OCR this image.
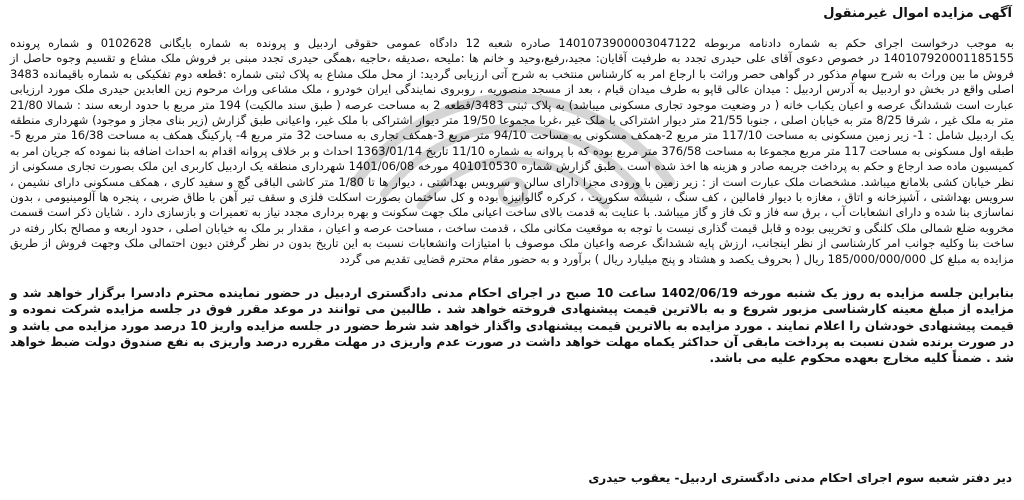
آگهی مزایده اموال غیرمنقول

به موجب درخواست اجرای حکم به شماره دادنامه مربوطه 1401073900003047122 صادره شعبه 12 دادگاه عمومی حقوقی اردبیل و پرونده به شماره بایگانی 0102628 و شماره پرونده 140107920001185155 در خصوص دعوی آقای علی حیدری تجدد به طرفیت آقایان: مجید،رفیع،وحید و خانم ها :ملیحه ،صدیقه ،حاجیه ،همگی حیدری تجدد مبنی بر فروش ملک مشاع و تقسیم وجوه حاصل از فروش ما بین وراث به شرح سهام مذکور در گواهی حصر وراثت با ارجاع امر به کارشناس منتخب به شرح آتی ارزیابی گردید: از محل ملک مشاع به پلاک ثبتی شماره :قطعه دوم تفکیکی به شماره باقیمانده 3483 اصلی واقع در بخش دو اردبیل به آدرس اردبیل : میدان عالی قاپو به طرف میدان قیام ، بعد از مسجد منصوریه ، روبروی نمایندگی ایران خودرو ، ملک مشاعی وراث مرحوم زین العابدین حیدری ملک مورد ارزیابی عبارت است ششدانگ عرصه و اعیان یکباب خانه ( در وضعیت موجود تجاری مسکونی میباشد) به پلاک ثبتی 3483/قطعه 2 به مساحت عرصه ( طبق سند مالکیت) 194 متر مربع با حدود اربعه سند : شمالا 21/80 متر به ملک غیر ، شرقا 8/25 متر به خیابان اصلی ، جنوبا 21/55 متر دیوار اشتراکی با ملک غیر ،غربا مجموعا 19/50 متر دیوار اشتراکی با ملک غیر، واعیانی طبق گزارش (زیر بنای مجاز و موجود) شهرداری منطقه یک اردبیل شامل : 1- زیر زمین مسکونی به مساحت 117/10 متر مربع 2-همکف مسکونی به مساحت 94/10 متر مربع 3-همکف تجاری به مساحت 32 متر مربع 4- پارکینگ همکف به مساحت 16/38 متر مربع 5-طبقه اول مسکونی به مساحت 117 متر مربع مجموعا به مساحت 376/58 متر مربع بوده که با پروانه به شماره 11/10 تاریخ 1363/01/14 احداث و بر خلاف پروانه اقدام به احداث اضافه بنا نموده که جریان امر به کمیسیون ماده صد ارجاع و حکم به پرداخت جریمه صادر و هزینه ها اخذ شده است . طبق گزارش شماره 401010530 مورخه 1401/06/08 شهرداری منطقه یک اردبیل کاربری این ملک بصورت تجاری مسکونی از نظر خیابان کشی بلامانع میباشد. مشخصات ملک عبارت است از : زیر زمین با ورودی مجزا دارای سالن و سرویس بهداشتی ، دیوار ها تا 1/80 متر کاشی الباقی گچ و سفید کاری ، همکف مسکونی دارای نشیمن ، سرویس بهداشتی ، آشپزخانه و اتاق ، مغازه با دیوار فامالین ، کف سنگ ، شیشه سکوریت ، کرکره گالوانیزه بوده و کل ساختمان بصورت اسکلت فلزی و سقف تیر آهن با طاق ضربی ، پنجره ها آلومینیومی ، بدون نماسازی بنا شده و دارای انشعابات آب ، برق سه فاز و تک فاز و گاز میباشد. با عنایت به قدمت بالای ساخت اعیانی ملک جهت سکونت و بهره برداری مجدد نیاز به تعمیرات و بازسازی دارد . شایان ذکر است قسمت مخروبه ضلع شمالی ملک کلنگی و تخریبی بوده و قابل قیمت گذاری نیست با توجه به موقعیت مکانی ملک ، قدمت ساخت ، مساحت عرصه و اعیان ، مقدار بر ملک به خیابان اصلی ، حدود اربعه و مصالح بکار رفته در ساخت بنا وکلیه جوانب امر کارشناسی از نظر اینجانب، ارزش پایه ششدانگ عرصه واعیان ملک موصوف با امتیازات وانشعابات نسبت به این تاریخ بدون در نظر گرفتن دیون احتمالی ملک وجهت فروش از طریق مزایده به مبلغ کل 185/000/000/000 ریال ( بحروف یکصد و هشتاد و پنج میلیارد ریال ) برآورد و به حضور مقام محترم قضایی تقدیم می گردد

بنابراین جلسه مزایده به روز یک شنبه مورخه 1402/06/19 ساعت 10 صبح در اجرای احکام مدنی دادگستری اردبیل در حضور نماینده محترم دادسرا برگزار خواهد شد و مزایده از مبلغ معینه کارشناسی مزبور شروع و به بالاترین قیمت پیشنهادی فروخته خواهد شد . طالبین می توانند در موعد مقرر فوق در جلسه مزایده شرکت نموده و قیمت پیشنهادی خودشان را اعلام نمایند . مورد مزایده به بالاترین قیمت پیشنهادی واگذار خواهد شد شرط حضور در جلسه مزایده واریز 10 درصد مورد مزایده می باشد و در صورت برنده شدن نسبت به پرداخت مابقی آن حداکثر یکماه مهلت خواهد داشت در صورت عدم واریزی در مهلت مقرره درصد واریزی به نفع صندوق دولت ضبط خواهد شد . ضمناً کلیه مخارج بعهده محکوم علیه می باشد.

دیر دفتر شعبه سوم اجرای احکام مدنی دادگستری اردبیل- یعقوب حیدری
